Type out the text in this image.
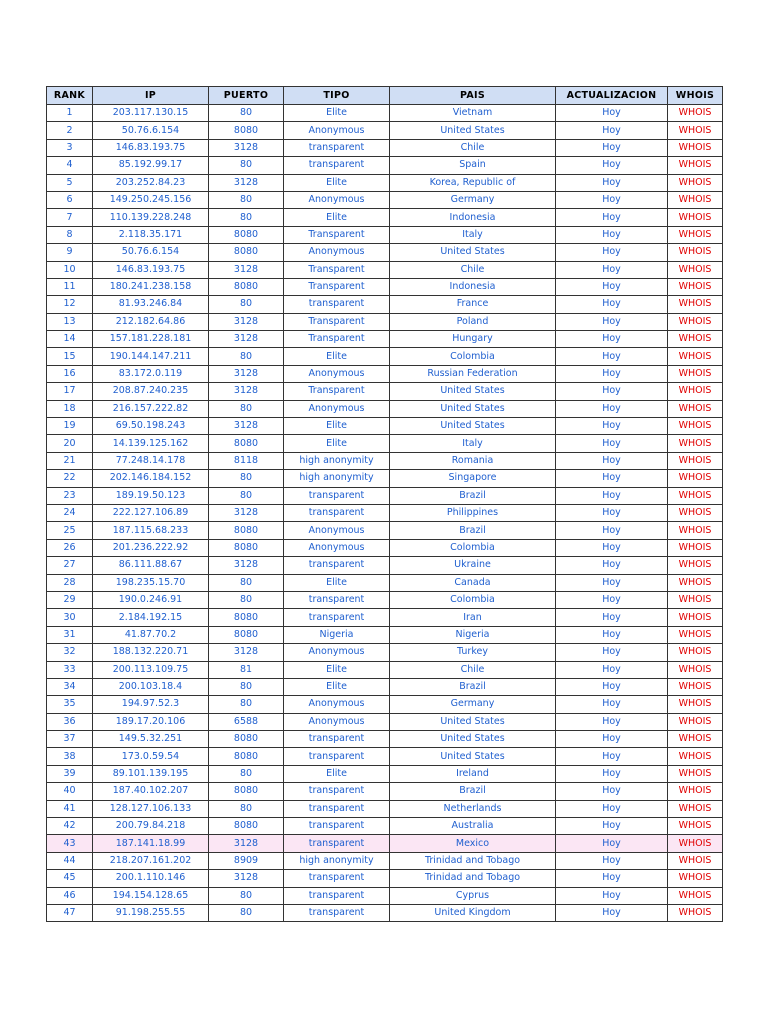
RANK	IP	PUERTO	TIPO	PAIS	ACTUALIZACION	WHOIS
1	203.117.130.15	80	Elite	Vietnam	Hoy	WHOIS
2	50.76.6.154	8080	Anonymous	United States	Hoy	WHOIS
3	146.83.193.75	3128	transparent	Chile	Hoy	WHOIS
4	85.192.99.17	80	transparent	Spain	Hoy	WHOIS
5	203.252.84.23	3128	Elite	Korea, Republic of	Hoy	WHOIS
6	149.250.245.156	80	Anonymous	Germany	Hoy	WHOIS
7	110.139.228.248	80	Elite	Indonesia	Hoy	WHOIS
8	2.118.35.171	8080	Transparent	Italy	Hoy	WHOIS
9	50.76.6.154	8080	Anonymous	United States	Hoy	WHOIS
10	146.83.193.75	3128	Transparent	Chile	Hoy	WHOIS
11	180.241.238.158	8080	Transparent	Indonesia	Hoy	WHOIS
12	81.93.246.84	80	transparent	France	Hoy	WHOIS
13	212.182.64.86	3128	Transparent	Poland	Hoy	WHOIS
14	157.181.228.181	3128	Transparent	Hungary	Hoy	WHOIS
15	190.144.147.211	80	Elite	Colombia	Hoy	WHOIS
16	83.172.0.119	3128	Anonymous	Russian Federation	Hoy	WHOIS
17	208.87.240.235	3128	Transparent	United States	Hoy	WHOIS
18	216.157.222.82	80	Anonymous	United States	Hoy	WHOIS
19	69.50.198.243	3128	Elite	United States	Hoy	WHOIS
20	14.139.125.162	8080	Elite	Italy	Hoy	WHOIS
21	77.248.14.178	8118	high anonymity	Romania	Hoy	WHOIS
22	202.146.184.152	80	high anonymity	Singapore	Hoy	WHOIS
23	189.19.50.123	80	transparent	Brazil	Hoy	WHOIS
24	222.127.106.89	3128	transparent	Philippines	Hoy	WHOIS
25	187.115.68.233	8080	Anonymous	Brazil	Hoy	WHOIS
26	201.236.222.92	8080	Anonymous	Colombia	Hoy	WHOIS
27	86.111.88.67	3128	transparent	Ukraine	Hoy	WHOIS
28	198.235.15.70	80	Elite	Canada	Hoy	WHOIS
29	190.0.246.91	80	transparent	Colombia	Hoy	WHOIS
30	2.184.192.15	8080	transparent	Iran	Hoy	WHOIS
31	41.87.70.2	8080	Nigeria	Nigeria	Hoy	WHOIS
32	188.132.220.71	3128	Anonymous	Turkey	Hoy	WHOIS
33	200.113.109.75	81	Elite	Chile	Hoy	WHOIS
34	200.103.18.4	80	Elite	Brazil	Hoy	WHOIS
35	194.97.52.3	80	Anonymous	Germany	Hoy	WHOIS
36	189.17.20.106	6588	Anonymous	United States	Hoy	WHOIS
37	149.5.32.251	8080	transparent	United States	Hoy	WHOIS
38	173.0.59.54	8080	transparent	United States	Hoy	WHOIS
39	89.101.139.195	80	Elite	Ireland	Hoy	WHOIS
40	187.40.102.207	8080	transparent	Brazil	Hoy	WHOIS
41	128.127.106.133	80	transparent	Netherlands	Hoy	WHOIS
42	200.79.84.218	8080	transparent	Australia	Hoy	WHOIS
43	187.141.18.99	3128	transparent	Mexico	Hoy	WHOIS
44	218.207.161.202	8909	high anonymity	Trinidad and Tobago	Hoy	WHOIS
45	200.1.110.146	3128	transparent	Trinidad and Tobago	Hoy	WHOIS
46	194.154.128.65	80	transparent	Cyprus	Hoy	WHOIS
47	91.198.255.55	80	transparent	United Kingdom	Hoy	WHOIS
